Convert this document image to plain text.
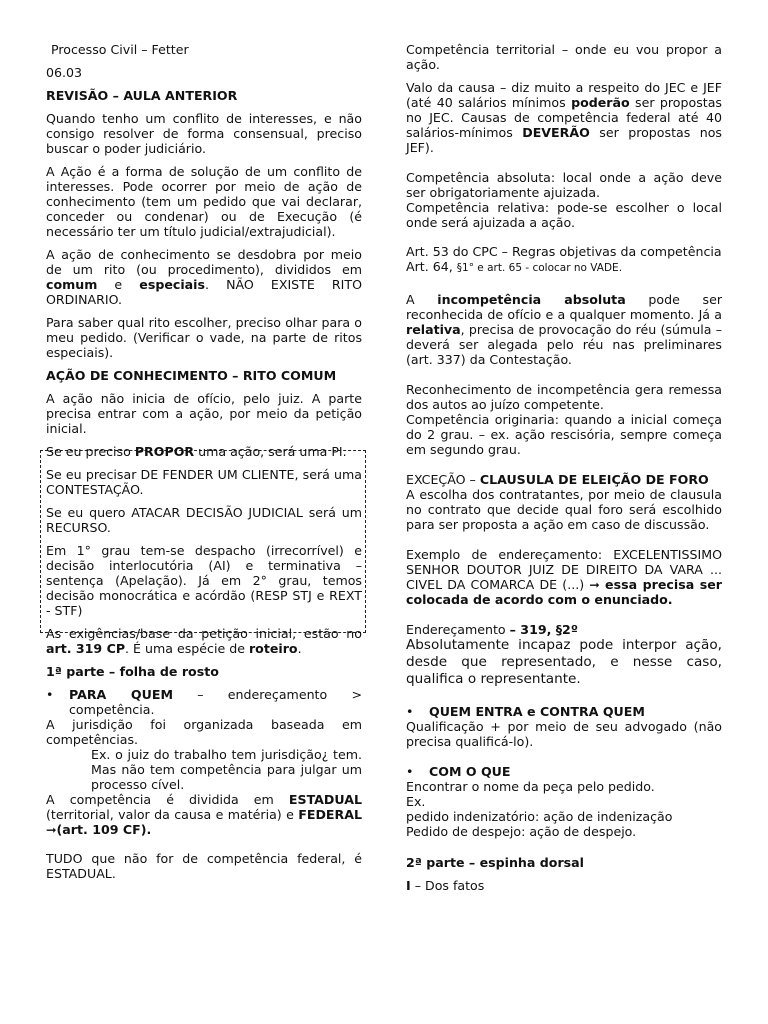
Processo Civil – Fetter

06.03

REVISÃO – AULA ANTERIOR

Quando tenho um conflito de interesses, e não consigo resolver de forma consensual, preciso buscar o poder judiciário.

A Ação é a forma de solução de um conflito de interesses. Pode ocorrer por meio de ação de conhecimento (tem um pedido que vai declarar, conceder ou condenar) ou de Execução (é necessário ter um título judicial/extrajudicial).

A ação de conhecimento se desdobra por meio de um rito (ou procedimento), divididos em comum e especiais. NÃO EXISTE RITO ORDINARIO.

Para saber qual rito escolher, preciso olhar para o meu pedido. (Verificar o vade, na parte de ritos especiais).

AÇÃO DE CONHECIMENTO – RITO COMUM

A ação não inicia de ofício, pelo juiz. A parte precisa entrar com a ação, por meio da petição inicial.

Se eu preciso PROPOR uma ação, será uma PI.

Se eu precisar DE FENDER UM CLIENTE, será uma CONTESTAÇÃO.

Se eu quero ATACAR DECISÃO JUDICIAL será um RECURSO.

Em 1° grau tem-se despacho (irrecorrível) e decisão interlocutória (AI) e terminativa – sentença (Apelação). Já em 2° grau, temos decisão monocrática e acórdão (RESP STJ e REXT - STF)

As exigências/base da petição inicial, estão no art. 319 CP. É uma espécie de roteiro.

1ª parte – folha de rosto

• PARA QUEM – endereçamento > competência.

A jurisdição foi organizada baseada em competências.

Ex. o juiz do trabalho tem jurisdição¿ tem. Mas não tem competência para julgar um processo cível.

A competência é dividida em ESTADUAL (territorial, valor da causa e matéria) e FEDERAL ➞(art. 109 CF).

TUDO que não for de competência federal, é ESTADUAL.

Competência territorial – onde eu vou propor a ação.

Valo da causa – diz muito a respeito do JEC e JEF (até 40 salários mínimos poderão ser propostas no JEC. Causas de competência federal até 40 salários-mínimos DEVERÃO ser propostas nos JEF).

Competência absoluta: local onde a ação deve ser obrigatoriamente ajuizada.

Competência relativa: pode-se escolher o local onde será ajuizada a ação.

Art. 53 do CPC – Regras objetivas da competência

Art. 64, §1° e art. 65 - colocar no VADE.

A incompetência absoluta pode ser reconhecida de ofício e a qualquer momento. Já a relativa, precisa de provocação do réu (súmula – deverá ser alegada pelo réu nas preliminares (art. 337) da Contestação.

Reconhecimento de incompetência gera remessa dos autos ao juízo competente.

Competência originaria: quando a inicial começa do 2 grau. – ex. ação rescisória, sempre começa em segundo grau.

EXCEÇÃO – CLAUSULA DE ELEIÇÃO DE FORO

A escolha dos contratantes, por meio de clausula no contrato que decide qual foro será escolhido para ser proposta a ação em caso de discussão.

Exemplo de endereçamento: EXCELENTISSIMO SENHOR DOUTOR JUIZ DE DIREITO DA VARA ... CIVEL DA COMARCA DE (...) ➞ essa precisa ser colocada de acordo com o enunciado.

Endereçamento – 319, §2º

Absolutamente incapaz pode interpor ação, desde que representado, e nesse caso, qualifica o representante.

• QUEM ENTRA e CONTRA QUEM

Qualificação + por meio de seu advogado (não precisa qualificá-lo).

• COM O QUE

Encontrar o nome da peça pelo pedido.

Ex.

pedido indenizatório: ação de indenização

Pedido de despejo: ação de despejo.

2ª parte – espinha dorsal

I – Dos fatos
